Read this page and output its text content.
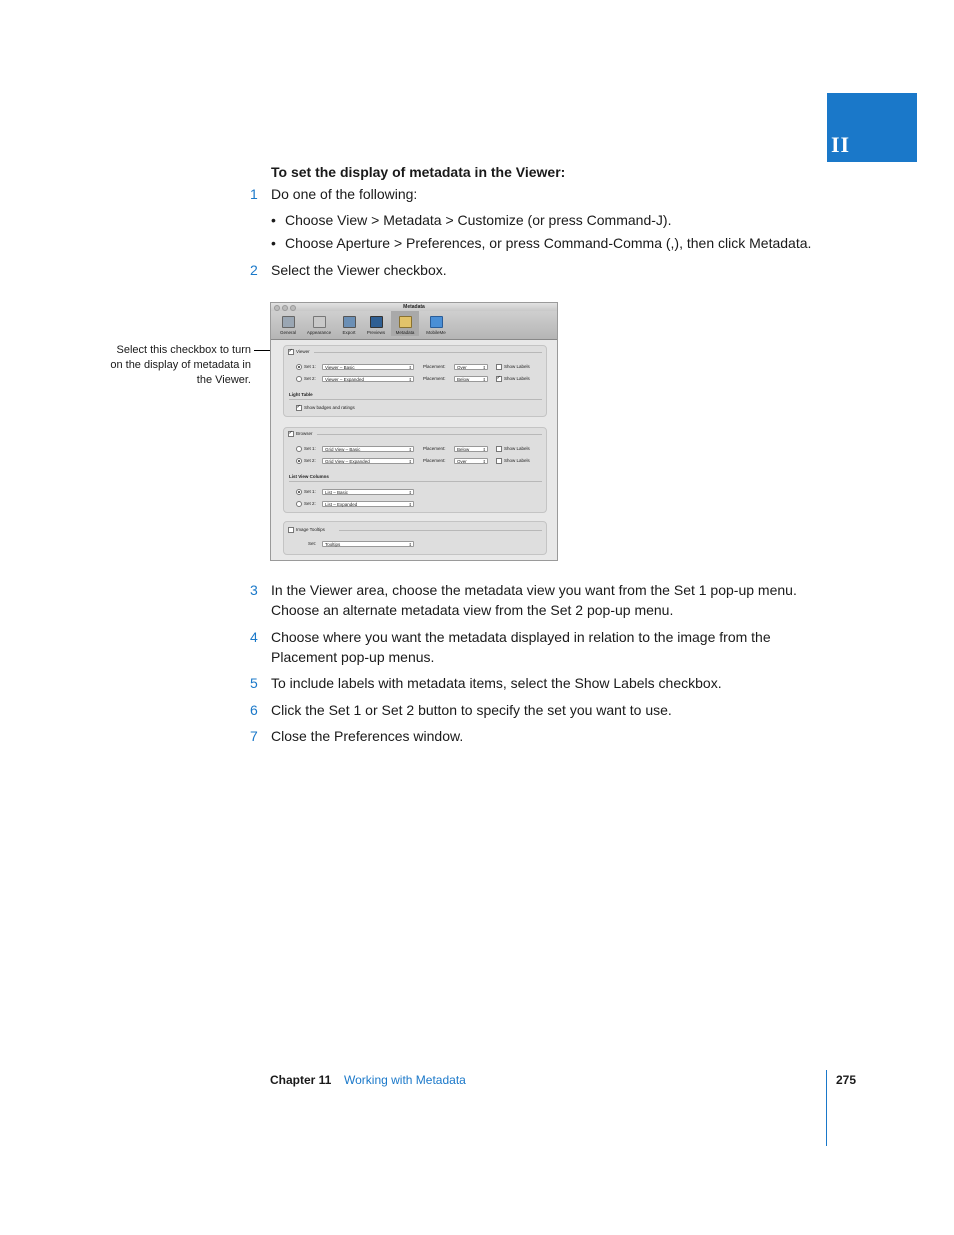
II
To set the display of metadata in the Viewer:
1 Do one of the following:
• Choose View > Metadata > Customize (or press Command-J).
• Choose Aperture > Preferences, or press Command-Comma (,), then click Metadata.
2 Select the Viewer checkbox.
Select this checkbox to turn on the display of metadata in the Viewer.
Metadata
General	Appearance	Export	Previews	Metadata	MobileMe
✓Viewer
Set 1:	Viewer – Basic ⇕	Placement:	Over ⇕	Show Labels
Set 2:	Viewer – Expanded ⇕	Placement:	Below ⇕
✓	Show Labels
Light Table
✓Show badges and ratings
✓Browser
Set 1:	Grid View – Basic ⇕	Placement:	Below ⇕	Show Labels
Set 2:	Grid View – Expanded ⇕	Placement:	Over ⇕	Show Labels
List View Columns
Set 1:	List – Basic ⇕
Set 2:	List – Expanded ⇕
Image Tooltips
Set:	Tooltips ⇕
3 In the Viewer area, choose the metadata view you want from the Set 1 pop-up menu. Choose an alternate metadata view from the Set 2 pop-up menu.
4 Choose where you want the metadata displayed in relation to the image from the Placement pop-up menus.
5 To include labels with metadata items, select the Show Labels checkbox.
6 Click the Set 1 or Set 2 button to specify the set you want to use.
7 Close the Preferences window.
Chapter 11 Working with Metadata	275
